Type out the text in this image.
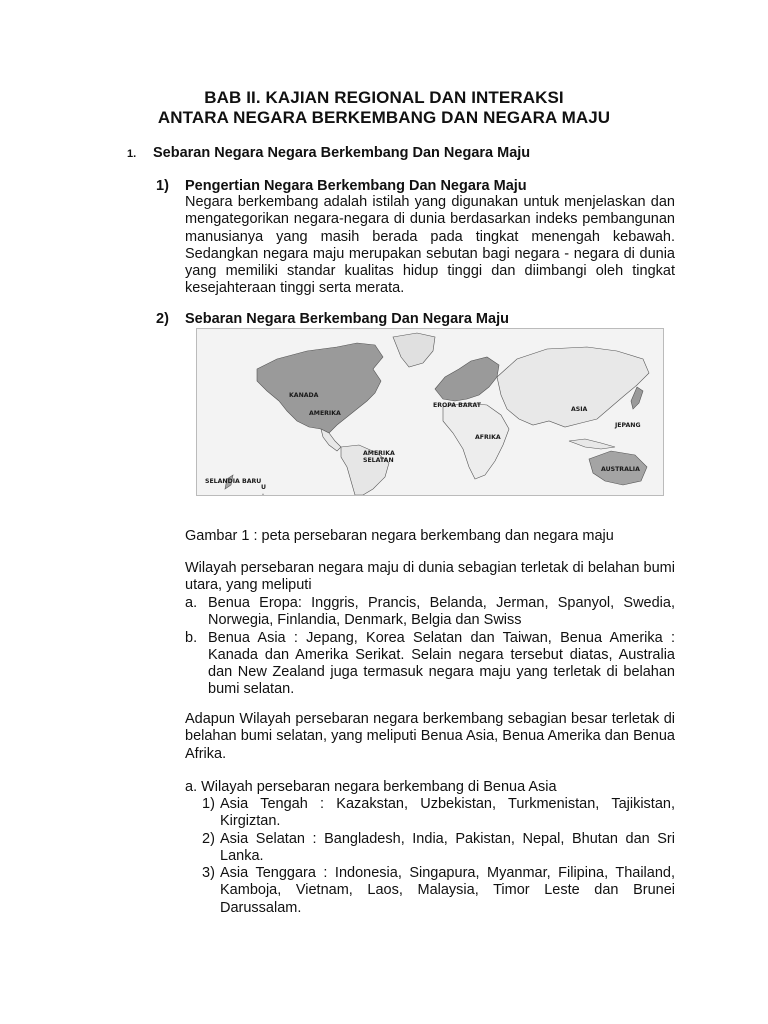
BAB II. KAJIAN REGIONAL DAN INTERAKSI
ANTARA NEGARA BERKEMBANG DAN NEGARA MAJU
1. Sebaran Negara Negara Berkembang Dan Negara Maju
1) Pengertian Negara Berkembang Dan Negara Maju
Negara berkembang adalah istilah yang digunakan untuk menjelaskan dan mengategorikan negara-negara di dunia berdasarkan indeks pembangunan manusianya yang masih berada pada tingkat menengah kebawah. Sedangkan negara maju merupakan sebutan bagi negara - negara di dunia yang memiliki standar kualitas hidup tinggi dan diimbangi oleh tingkat kesejahteraan tinggi serta merata.
2) Sebaran Negara Berkembang Dan Negara Maju
KANADA
AMERIKA
EROPA BARAT
ASIA
JEPANG
AFRIKA
AMERIKA
SELATAN
AUSTRALIA
SELANDIA BARU
U
Gambar 1 : peta persebaran negara berkembang dan negara maju
Wilayah persebaran negara maju di dunia sebagian terletak di belahan bumi utara, yang meliputi
a. Benua Eropa: Inggris, Prancis, Belanda, Jerman, Spanyol, Swedia, Norwegia, Finlandia, Denmark, Belgia dan Swiss
b. Benua Asia : Jepang, Korea Selatan dan Taiwan, Benua Amerika : Kanada dan Amerika Serikat. Selain negara tersebut diatas, Australia dan New Zealand juga termasuk negara maju yang terletak di belahan bumi selatan.
Adapun Wilayah persebaran negara berkembang sebagian besar terletak di belahan bumi selatan, yang meliputi Benua Asia, Benua Amerika dan Benua Afrika.
a. Wilayah persebaran negara berkembang di Benua Asia
1) Asia Tengah : Kazakstan, Uzbekistan, Turkmenistan, Tajikistan, Kirgiztan.
2) Asia Selatan : Bangladesh, India, Pakistan, Nepal, Bhutan dan Sri Lanka.
3) Asia Tenggara : Indonesia, Singapura, Myanmar, Filipina, Thailand, Kamboja, Vietnam, Laos, Malaysia, Timor Leste dan Brunei Darussalam.
